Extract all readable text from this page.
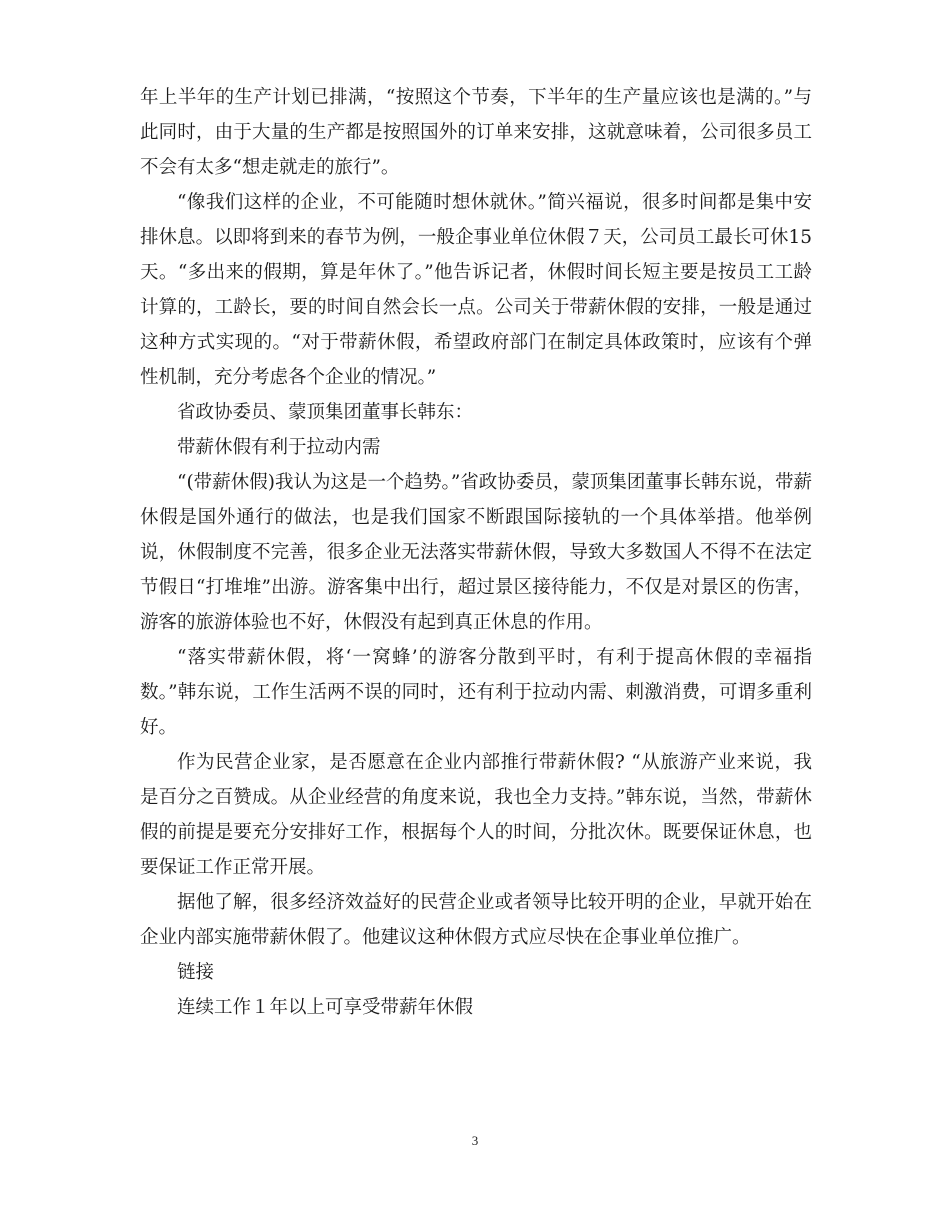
年上半年的生产计划已排满，“按照这个节奏，下半年的生产量应该也是满的。”与此同时，由于大量的生产都是按照国外的订单来安排，这就意味着，公司很多员工不会有太多“想走就走的旅行”。

“像我们这样的企业，不可能随时想休就休。”简兴福说，很多时间都是集中安排休息。以即将到来的春节为例，一般企事业单位休假７天，公司员工最长可休15天。“多出来的假期，算是年休了。”他告诉记者，休假时间长短主要是按员工工龄计算的，工龄长，要的时间自然会长一点。公司关于带薪休假的安排，一般是通过这种方式实现的。“对于带薪休假，希望政府部门在制定具体政策时，应该有个弹性机制，充分考虑各个企业的情况。”

省政协委员、蒙顶集团董事长韩东：

带薪休假有利于拉动内需

“(带薪休假)我认为这是一个趋势。”省政协委员，蒙顶集团董事长韩东说，带薪休假是国外通行的做法，也是我们国家不断跟国际接轨的一个具体举措。他举例说，休假制度不完善，很多企业无法落实带薪休假，导致大多数国人不得不在法定节假日“打堆堆”出游。游客集中出行，超过景区接待能力，不仅是对景区的伤害，游客的旅游体验也不好，休假没有起到真正休息的作用。

“落实带薪休假，将‘一窝蜂’的游客分散到平时，有利于提高休假的幸福指数。”韩东说，工作生活两不误的同时，还有利于拉动内需、刺激消费，可谓多重利好。

作为民营企业家，是否愿意在企业内部推行带薪休假? “从旅游产业来说，我是百分之百赞成。从企业经营的角度来说，我也全力支持。”韩东说，当然，带薪休假的前提是要充分安排好工作，根据每个人的时间，分批次休。既要保证休息，也要保证工作正常开展。

据他了解，很多经济效益好的民营企业或者领导比较开明的企业，早就开始在企业内部实施带薪休假了。他建议这种休假方式应尽快在企事业单位推广。

链接

连续工作１年以上可享受带薪年休假

3
